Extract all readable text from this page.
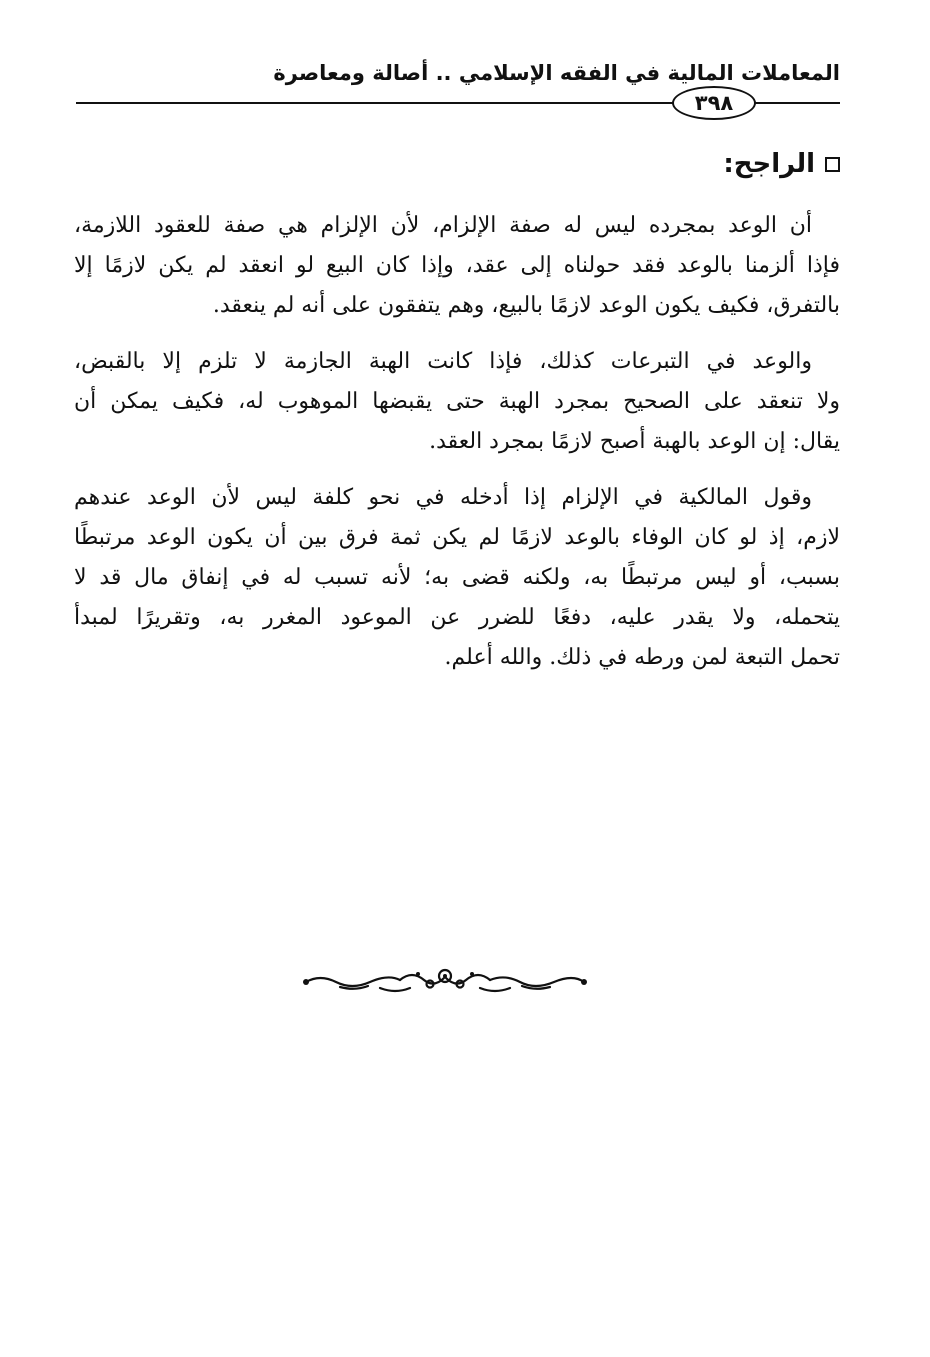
المعاملات المالية في الفقه الإسلامي .. أصالة ومعاصرة
٣٩٨
الراجح:

أن الوعد بمجرده ليس له صفة الإلزام، لأن الإلزام هي صفة للعقود اللازمة،
فإذا ألزمنا بالوعد فقد حولناه إلى عقد، وإذا كان البيع لو انعقد لم يكن لازمًا إلا
بالتفرق، فكيف يكون الوعد لازمًا بالبيع، وهم يتفقون على أنه لم ينعقد.

والوعد في التبرعات كذلك، فإذا كانت الهبة الجازمة لا تلزم إلا بالقبض،
ولا تنعقد على الصحيح بمجرد الهبة حتى يقبضها الموهوب له، فكيف يمكن أن
يقال: إن الوعد بالهبة أصبح لازمًا بمجرد العقد.

وقول المالكية في الإلزام إذا أدخله في نحو كلفة ليس لأن الوعد عندهم
لازم، إذ لو كان الوفاء بالوعد لازمًا لم يكن ثمة فرق بين أن يكون الوعد مرتبطًا
بسبب، أو ليس مرتبطًا به، ولكنه قضى به؛ لأنه تسبب له في إنفاق مال قد لا
يتحمله، ولا يقدر عليه، دفعًا للضرر عن الموعود المغرر به، وتقريرًا لمبدأ
تحمل التبعة لمن ورطه في ذلك. والله أعلم.
